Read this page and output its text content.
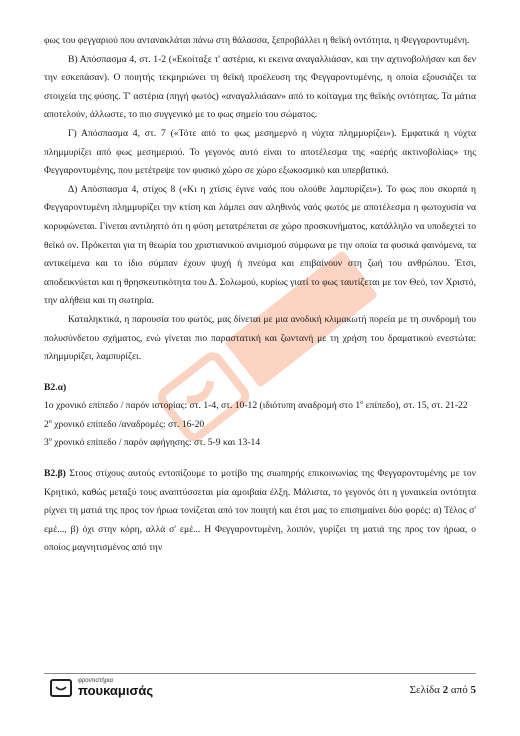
φως του φεγγαριού που αντανακλάται πάνω στη θάλασσα, ξεπροβάλλει η θεϊκή οντότητα, η Φεγγαροντυμένη.

Β) Απόσπασμα 4, στ. 1-2 («Εκοίταξε τ' αστέρια, κι εκεινα αναγαλλιάσαν, και την αχτινοβολήσαν και δεν την εσκεπάσαν). Ο ποιητής τεκμηριώνει τη θεϊκή προέλευση της Φεγγαροντυμένης, η οποία εξουσιάζει τα στοιχεία της φύσης. Τ' αστέρια (πηγή φωτός) «αναγαλλιάσαν» από το κοίταγμα της θεϊκής οντότητας. Τα μάτια αποτελούν, άλλωστε, το πιο συγγενικό με το φως σημείο του σώματος.

Γ) Απόσπασμα 4, στ. 7 («Τότε από το φως μεσημερνό η νύχτα πλημμυρίζει»). Εμφατικά η νύχτα πλημμυρίζει από φως μεσημεριού. Το γεγονός αυτό είναι το αποτέλεσμα της «αερής ακτινοβολίας» της Φεγγαροντυμένης, που μετέτρεψε τον φυσικό χώρο σε χώρο εξωκοσμικό και υπερβατικό.

Δ) Απόσπασμα 4, στίχος 8 («Κι η χτίσις έγινε ναός που ολούθε λαμπυρίζει»). Το φως που σκορπά η Φεγγαροντυμένη πλημμυρίζει την κτίση και λάμπει σαν αληθινός ναός φωτός με αποτέλεσμα η φωτοχυσία να κορυφώνεται. Γίνεται αντιληπτό ότι η φύση μετατρέπεται σε χώρο προσκυνήματος, κατάλληλο να υποδεχτεί το θεϊκό ον. Πρόκειται για τη θεωρία του χριστιανικού ανιμισμού σύμφωνα με την οποία τα φυσικά φαινόμενα, τα αντικείμενα και το ίδιο σύμπαν έχουν ψυχή ή πνεύμα και επιβαίνουν στη ζωή του ανθρώπου. Έτσι, αποδεικνύεται και η θρησκευτικότητα του Δ. Σολωμού, κυρίως γιατί το φως ταυτίζεται με τον Θεό, τον Χριστό, την αλήθεια και τη σωτηρία.

Καταληκτικά, η παρουσία του φωτός, μας δίνεται με μια ανοδική κλιμακωτή πορεία με τη συνδρομή του πολυσύνδετου σχήματος, ενώ γίνεται πιο παραστατική και ζωντανή με τη χρήση του δραματικού ενεστώτα: πλημμυρίζει, λαμπυρίζει.

Β2.α)

1ο χρονικό επίπεδο / παρόν ιστορίας: στ. 1-4, στ. 10-12 (ιδιότυπη αναδρομή στο $1^o$ επίπεδο), στ. 15, στ. 21-22

$2^o$ χρονικό επίπεδο /αναδρομές: στ. 16-20

$3^o$ χρονικό επίπεδο / παρόν αφήγησης: στ. 5-9 και 13-14

Β2.β) Στους στίχους αυτούς εντοπίζουμε το μοτίβο της σιωπηρής επικοινωνίας της Φεγγαροντυμένης με τον Κρητικό, καθώς μεταξύ τους αναπτύσσεται μία αμοιβαία έλξη. Μάλιστα, το γεγονός ότι η γυναικεία οντότητα ρίχνει τη ματιά της προς τον ήρωα τονίζεται από τον ποιητή και έτσι μας το επισημαίνει δύο φορές: α) Τέλος σ' εμέ..., β) όχι στην κόρη, αλλά σ' εμέ... Η Φεγγαροντυμένη, λοιπόν, γυρίζει τη ματιά της προς τον ήρωα, ο οποίος μαγνητισμένος από την

φροντιστήρια
πουκαμισάς	Σελίδα 2 από 5
